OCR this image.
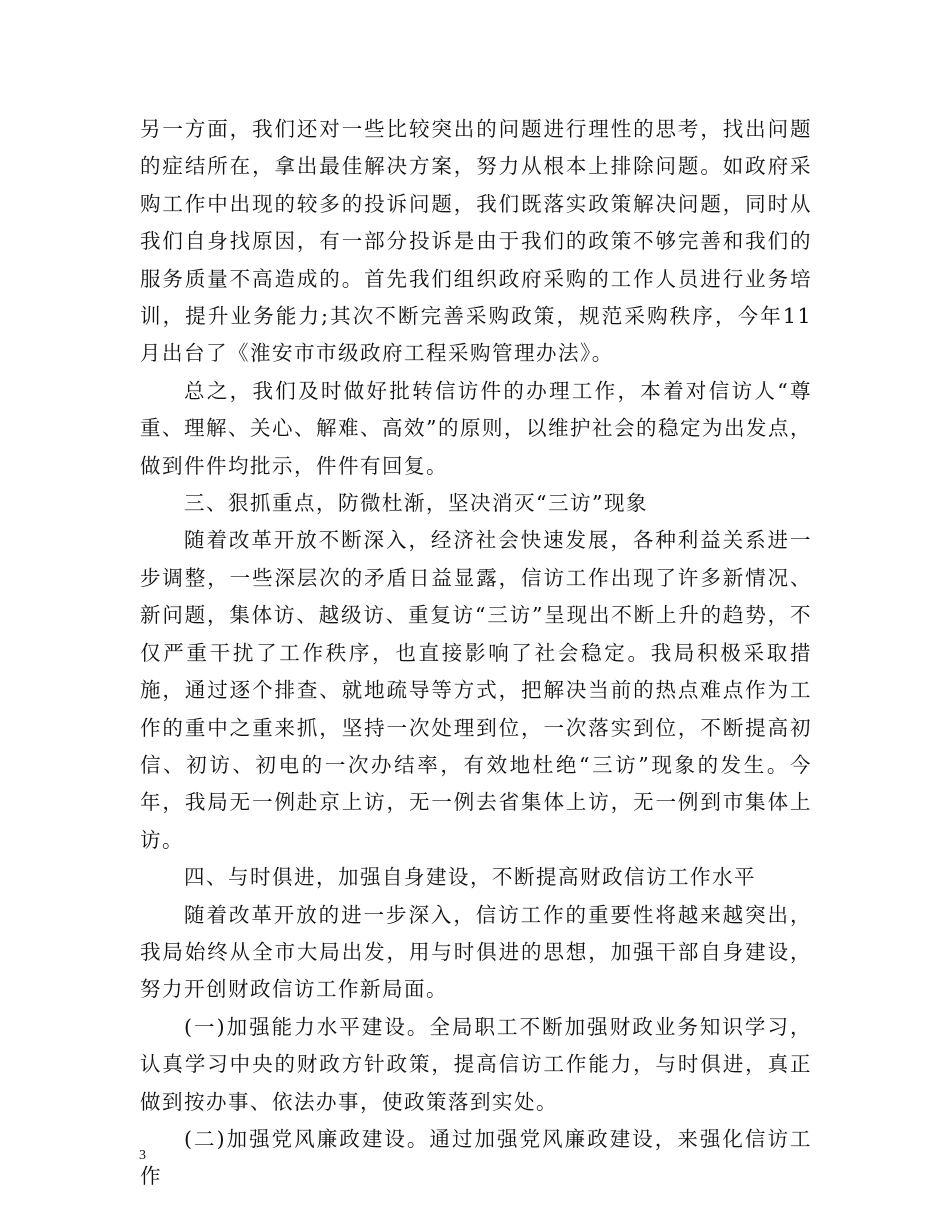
另一方面，我们还对一些比较突出的问题进行理性的思考，找出问题的症结所在，拿出最佳解决方案，努力从根本上排除问题。如政府采购工作中出现的较多的投诉问题，我们既落实政策解决问题，同时从我们自身找原因，有一部分投诉是由于我们的政策不够完善和我们的服务质量不高造成的。首先我们组织政府采购的工作人员进行业务培训，提升业务能力;其次不断完善采购政策，规范采购秩序，今年11月出台了《淮安市市级政府工程采购管理办法》。

总之，我们及时做好批转信访件的办理工作，本着对信访人“尊重、理解、关心、解难、高效”的原则，以维护社会的稳定为出发点，做到件件均批示，件件有回复。

三、狠抓重点，防微杜渐，坚决消灭“三访”现象

随着改革开放不断深入，经济社会快速发展，各种利益关系进一步调整，一些深层次的矛盾日益显露，信访工作出现了许多新情况、新问题，集体访、越级访、重复访“三访”呈现出不断上升的趋势，不仅严重干扰了工作秩序，也直接影响了社会稳定。我局积极采取措施，通过逐个排查、就地疏导等方式，把解决当前的热点难点作为工作的重中之重来抓，坚持一次处理到位，一次落实到位，不断提高初信、初访、初电的一次办结率，有效地杜绝“三访”现象的发生。今年，我局无一例赴京上访，无一例去省集体上访，无一例到市集体上访。

四、与时俱进，加强自身建设，不断提高财政信访工作水平

随着改革开放的进一步深入，信访工作的重要性将越来越突出，我局始终从全市大局出发，用与时俱进的思想，加强干部自身建设，努力开创财政信访工作新局面。

(一)加强能力水平建设。全局职工不断加强财政业务知识学习，认真学习中央的财政方针政策，提高信访工作能力，与时俱进，真正做到按办事、依法办事，使政策落到实处。

(二)加强党风廉政建设。通过加强党风廉政建设，来强化信访工作

3
